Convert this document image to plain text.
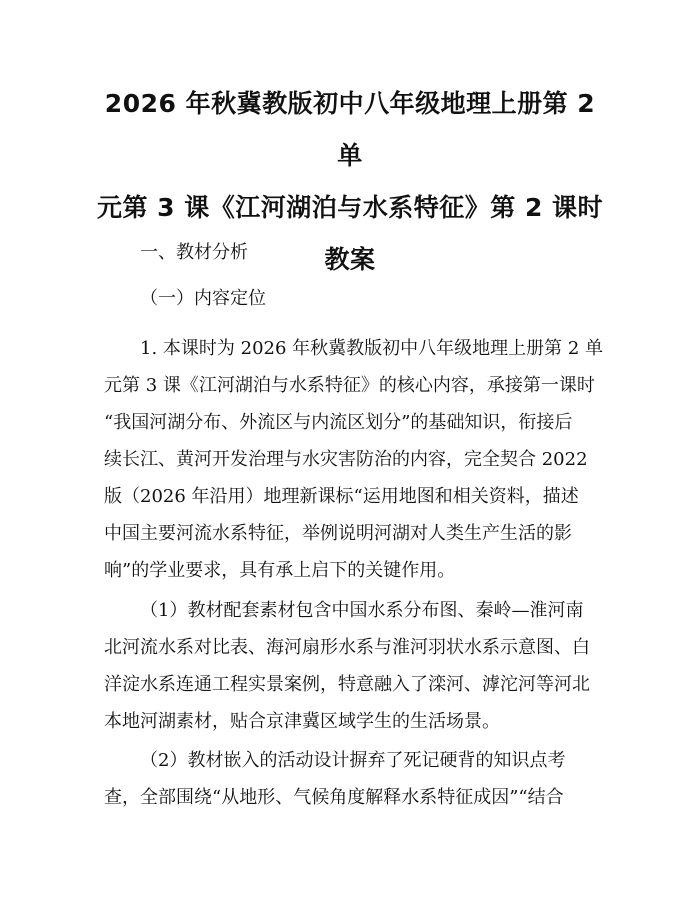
2026 年秋冀教版初中八年级地理上册第 2 单
元第 3 课《江河湖泊与水系特征》第 2 课时
教案

一、教材分析

（一）内容定位

1. 本课时为 2026 年秋冀教版初中八年级地理上册第 2 单
元第 3 课《江河湖泊与水系特征》的核心内容，承接第一课时
“我国河湖分布、外流区与内流区划分”的基础知识，衔接后
续长江、黄河开发治理与水灾害防治的内容，完全契合 2022
版（2026 年沿用）地理新课标“运用地图和相关资料，描述
中国主要河流水系特征，举例说明河湖对人类生产生活的影
响”的学业要求，具有承上启下的关键作用。

（1）教材配套素材包含中国水系分布图、秦岭—淮河南
北河流水系对比表、海河扇形水系与淮河羽状水系示意图、白
洋淀水系连通工程实景案例，特意融入了滦河、滹沱河等河北
本地河湖素材，贴合京津冀区域学生的生活场景。

（2）教材嵌入的活动设计摒弃了死记硬背的知识点考
查，全部围绕“从地形、气候角度解释水系特征成因”“结合
